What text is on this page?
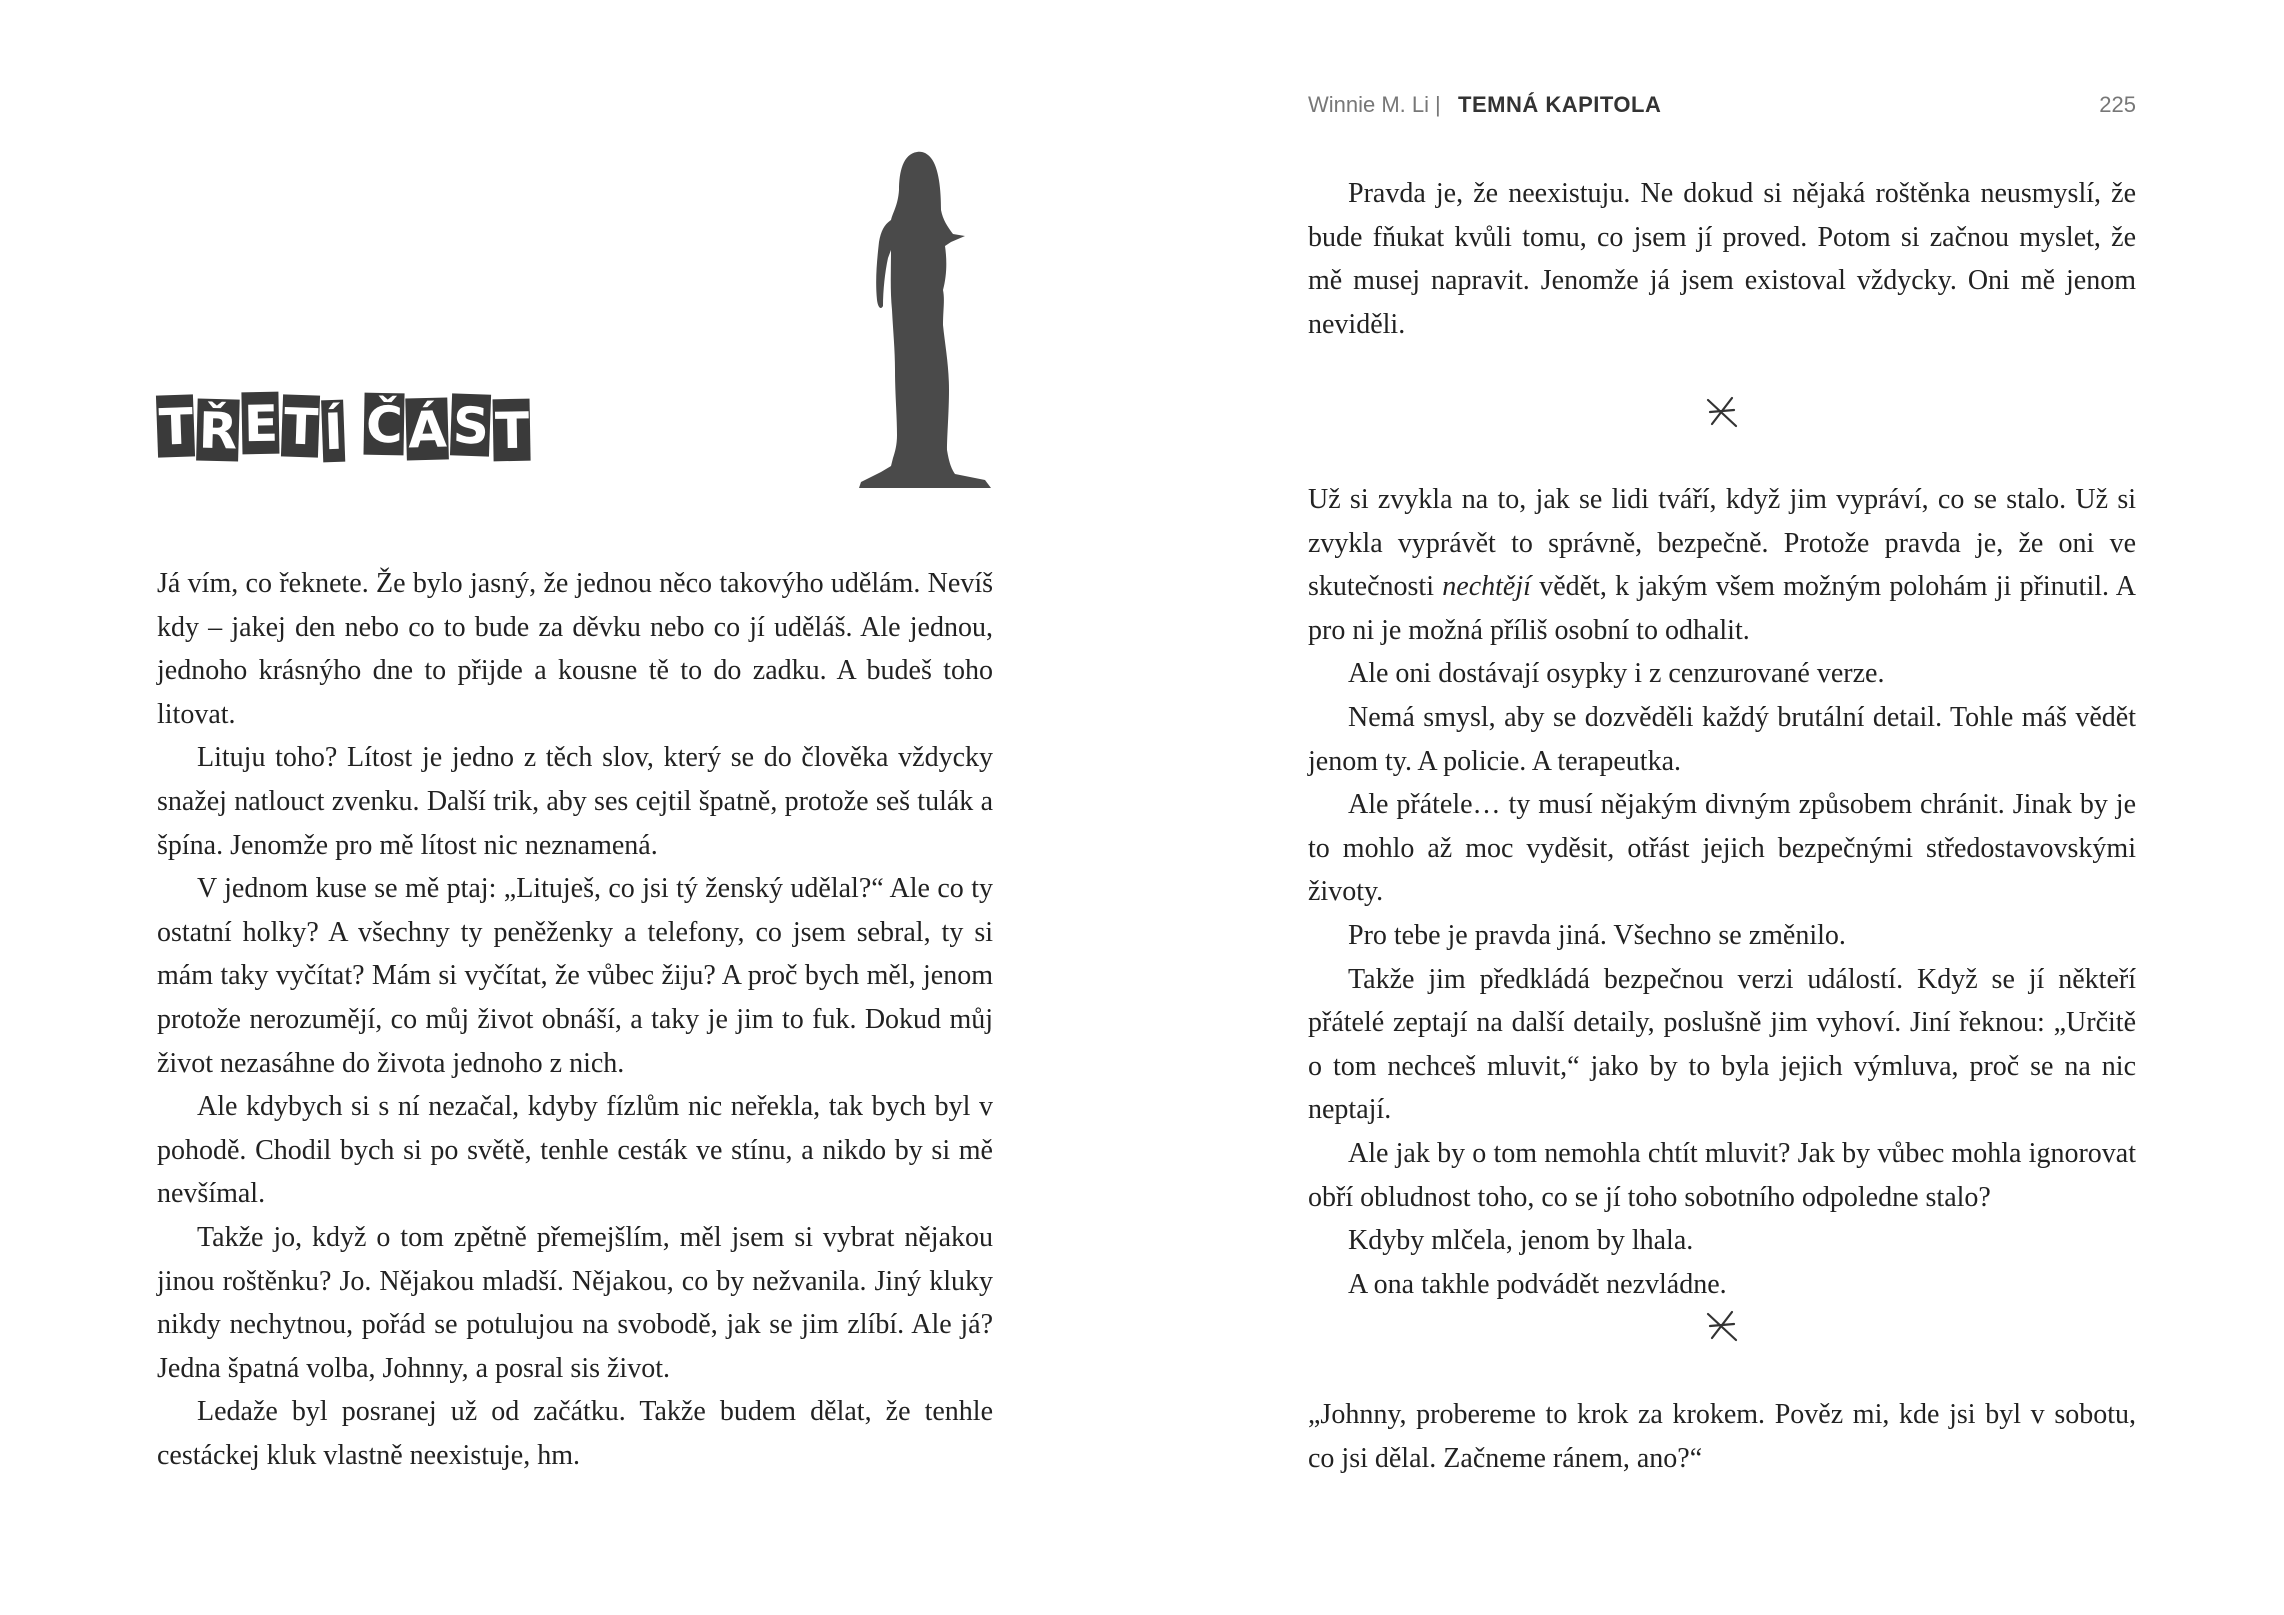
T Ř E T Í Č Á S T

Já vím, co řeknete. Že bylo jasný, že jednou něco takovýho udělám. Nevíš kdy – jakej den nebo co to bude za děvku nebo co jí uděláš. Ale jednou, jednoho krásnýho dne to přijde a kousne tě to do zadku. A budeš toho litovat.

Lituju toho? Lítost je jedno z těch slov, který se do člověka vždycky snažej natlouct zvenku. Další trik, aby ses cejtil špatně, protože seš tulák a špína. Jenomže pro mě lítost nic neznamená.

V jednom kuse se mě ptaj: „Lituješ, co jsi tý ženský udělal?“ Ale co ty ostatní holky? A všechny ty peněženky a telefony, co jsem sebral, ty si mám taky vyčítat? Mám si vyčítat, že vůbec žiju? A proč bych měl, jenom protože nerozumějí, co můj život obnáší, a taky je jim to fuk. Dokud můj život nezasáhne do života jednoho z nich.

Ale kdybych si s ní nezačal, kdyby fízlům nic neřekla, tak bych byl v pohodě. Chodil bych si po světě, tenhle cesták ve stínu, a nikdo by si mě nevšímal.

Takže jo, když o tom zpětně přemejšlím, měl jsem si vybrat nějakou jinou roštěnku? Jo. Nějakou mladší. Nějakou, co by nežvanila. Jiný kluky nikdy nechytnou, pořád se potulujou na svobodě, jak se jim zlíbí. Ale já? Jedna špatná volba, Johnny, a posral sis život.

Ledaže byl posranej už od začátku. Takže budem dělat, že tenhle cestáckej kluk vlastně neexistuje, hm.

Winnie M. Li | TEMNÁ KAPITOLA	225

Pravda je, že neexistuju. Ne dokud si nějaká roštěnka neusmyslí, že bude fňukat kvůli tomu, co jsem jí proved. Potom si začnou myslet, že mě musej napravit. Jenomže já jsem existoval vždycky. Oni mě jenom neviděli.

Už si zvykla na to, jak se lidi tváří, když jim vypráví, co se stalo. Už si zvykla vyprávět to správně, bezpečně. Protože pravda je, že oni ve skutečnosti nechtějí vědět, k jakým všem možným polohám ji přinutil. A pro ni je možná příliš osobní to odhalit.

Ale oni dostávají osypky i z cenzurované verze.

Nemá smysl, aby se dozvěděli každý brutální detail. Tohle máš vědět jenom ty. A policie. A terapeutka.

Ale přátele… ty musí nějakým divným způsobem chránit. Jinak by je to mohlo až moc vyděsit, otřást jejich bezpečnými středostavovskými životy.

Pro tebe je pravda jiná. Všechno se změnilo.

Takže jim předkládá bezpečnou verzi událostí. Když se jí někteří přátelé zeptají na další detaily, poslušně jim vyhoví. Jiní řeknou: „Určitě o tom nechceš mluvit,“ jako by to byla jejich výmluva, proč se na nic neptají.

Ale jak by o tom nemohla chtít mluvit? Jak by vůbec mohla ignorovat obří obludnost toho, co se jí toho sobotního odpoledne stalo?

Kdyby mlčela, jenom by lhala.

A ona takhle podvádět nezvládne.

„Johnny, probereme to krok za krokem. Pověz mi, kde jsi byl v sobotu, co jsi dělal. Začneme ránem, ano?“
